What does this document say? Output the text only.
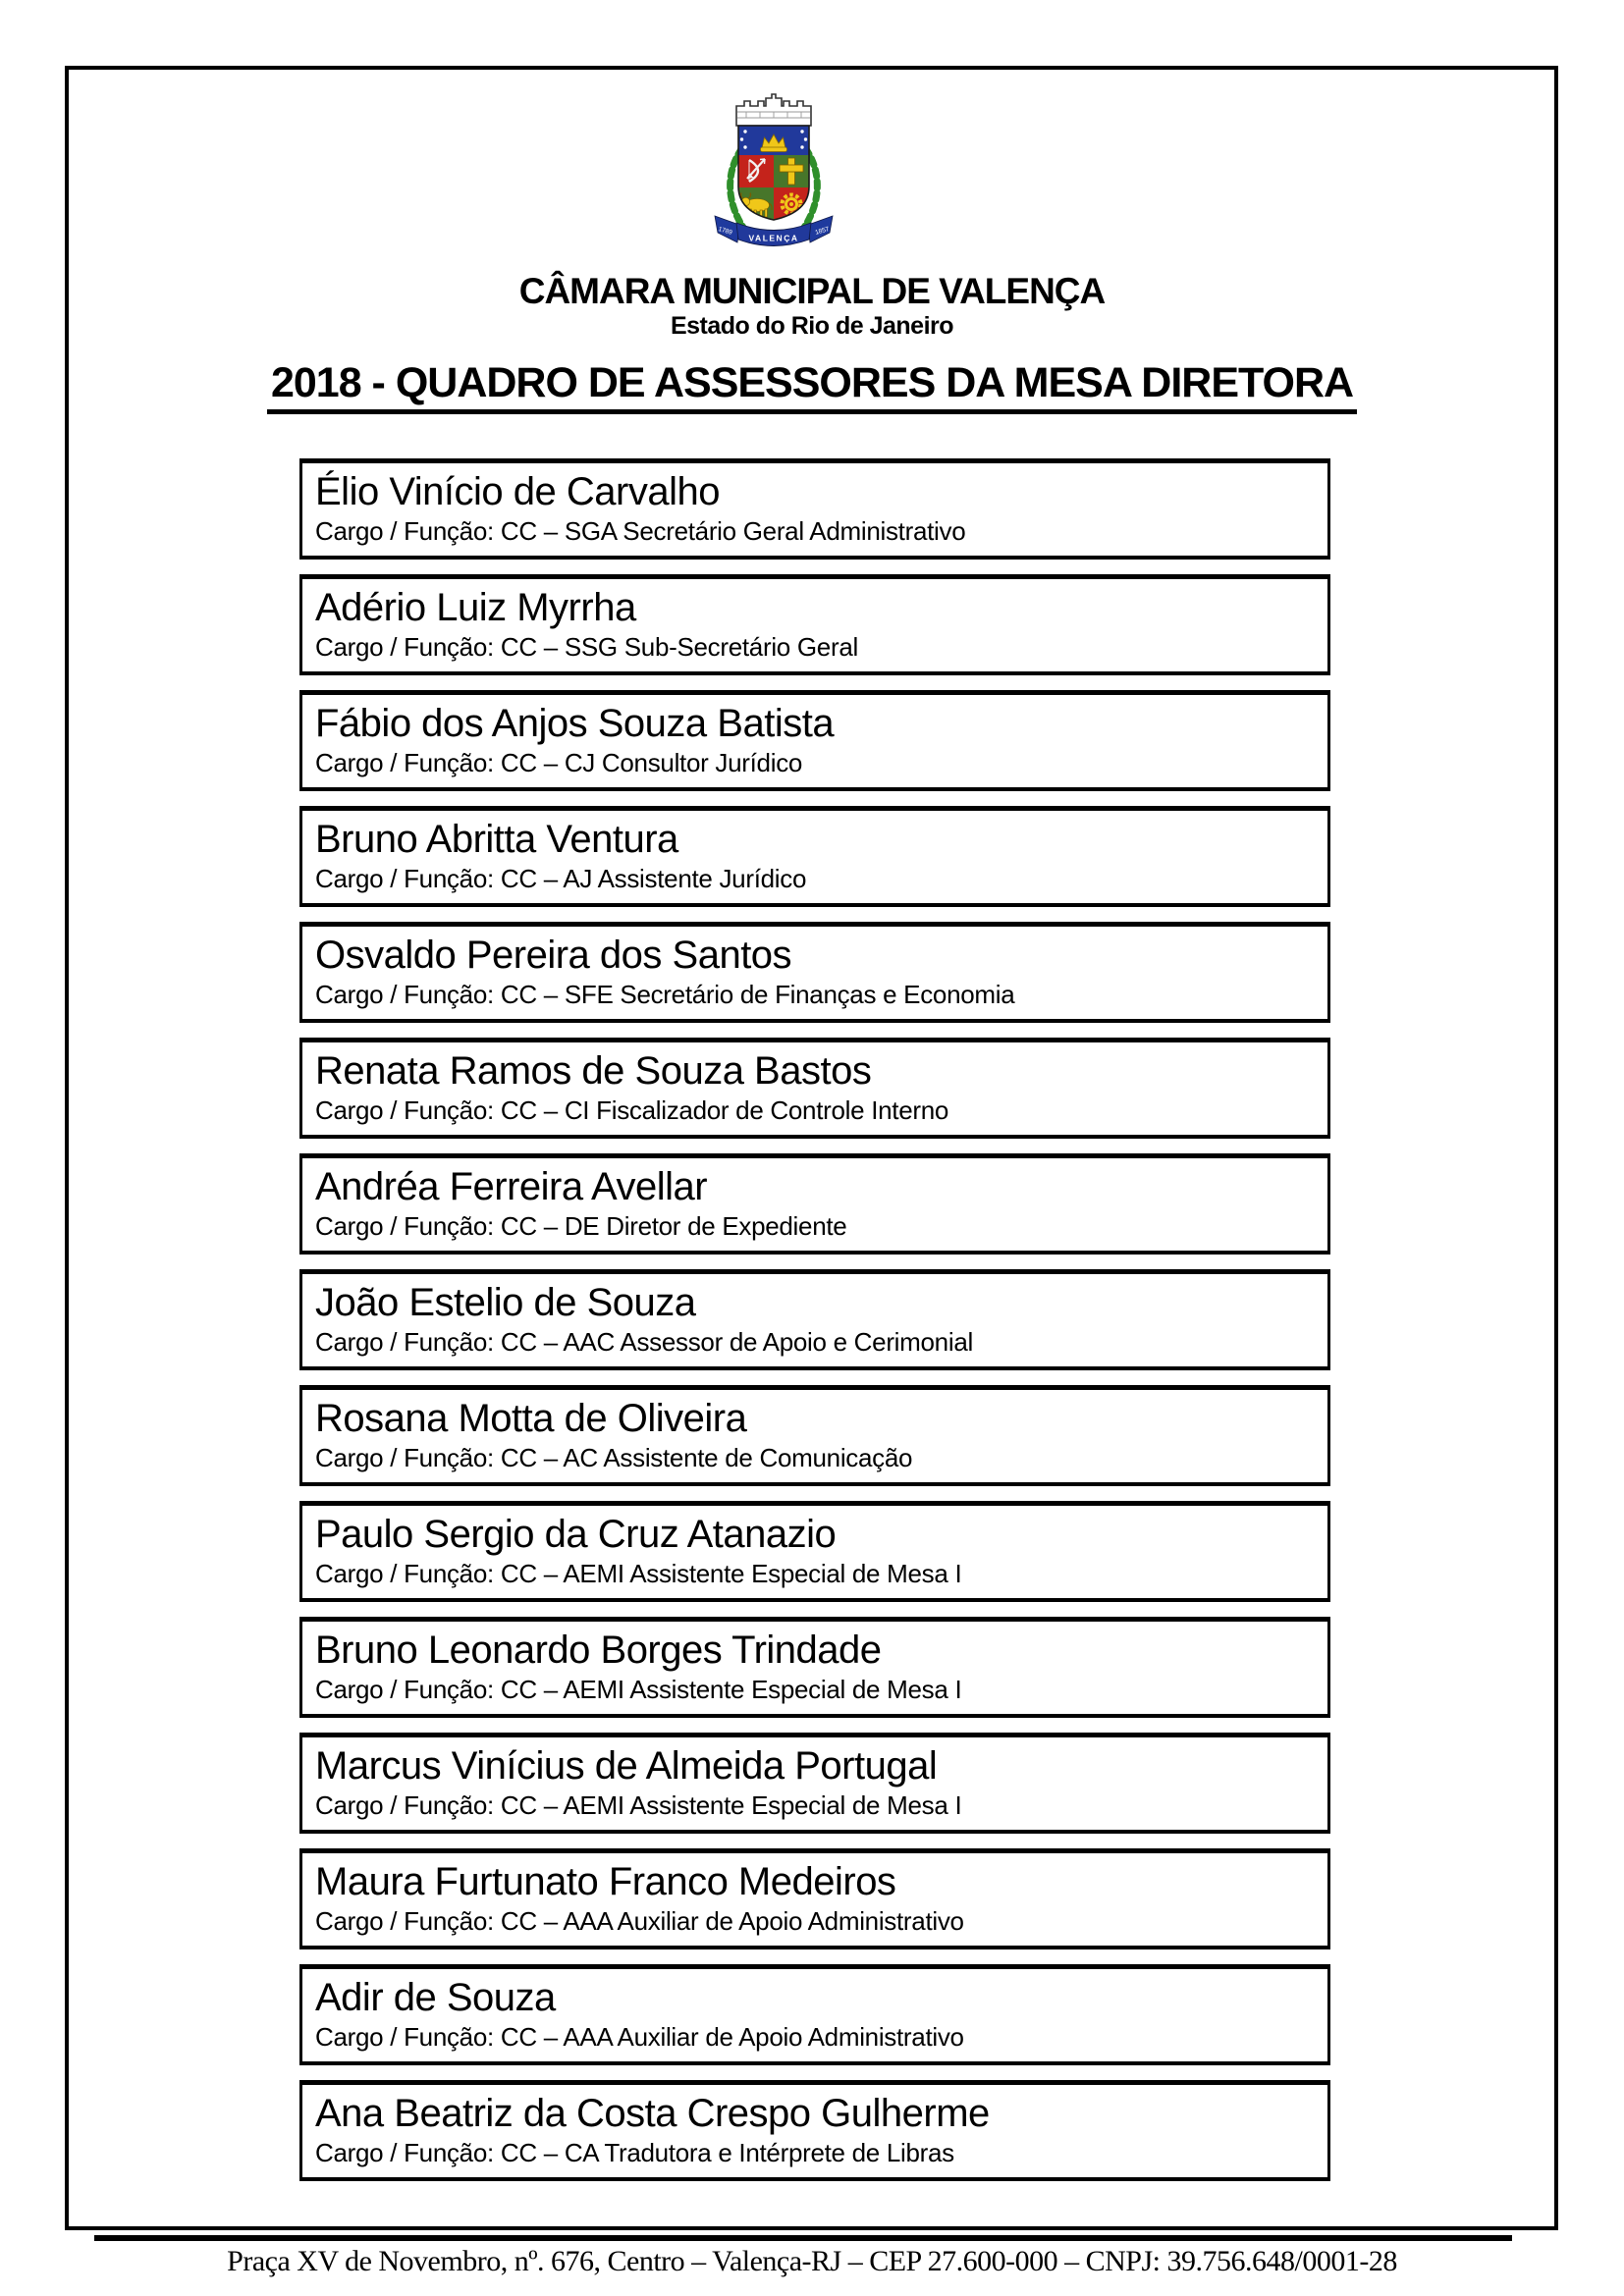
1789
VALENÇA
1857
CÂMARA MUNICIPAL DE VALENÇA
Estado do Rio de Janeiro
2018 - QUADRO DE ASSESSORES DA MESA DIRETORA
Élio Vinício de Carvalho
Cargo / Função: CC – SGA Secretário Geral Administrativo
Adério Luiz Myrrha
Cargo / Função: CC – SSG Sub-Secretário Geral
Fábio dos Anjos Souza Batista
Cargo / Função: CC – CJ Consultor Jurídico
Bruno Abritta Ventura
Cargo / Função: CC – AJ Assistente Jurídico
Osvaldo Pereira dos Santos
Cargo / Função: CC – SFE Secretário de Finanças e Economia
Renata Ramos de Souza Bastos
Cargo / Função: CC – CI Fiscalizador de Controle Interno
Andréa Ferreira Avellar
Cargo / Função: CC – DE Diretor de Expediente
João Estelio de Souza
Cargo / Função: CC – AAC Assessor de Apoio e Cerimonial
Rosana Motta de Oliveira
Cargo / Função: CC – AC Assistente de Comunicação
Paulo Sergio da Cruz Atanazio
Cargo / Função: CC – AEMI Assistente Especial de Mesa I
Bruno Leonardo Borges Trindade
Cargo / Função: CC – AEMI Assistente Especial de Mesa I
Marcus Vinícius de Almeida Portugal
Cargo / Função: CC – AEMI Assistente Especial de Mesa I
Maura Furtunato Franco Medeiros
Cargo / Função: CC – AAA Auxiliar de Apoio Administrativo
Adir de Souza
Cargo / Função: CC – AAA Auxiliar de Apoio Administrativo
Ana Beatriz da Costa Crespo Gulherme
Cargo / Função: CC – CA Tradutora e Intérprete de Libras
Praça XV de Novembro, nº. 676, Centro – Valença-RJ – CEP 27.600-000 – CNPJ: 39.756.648/0001-28
